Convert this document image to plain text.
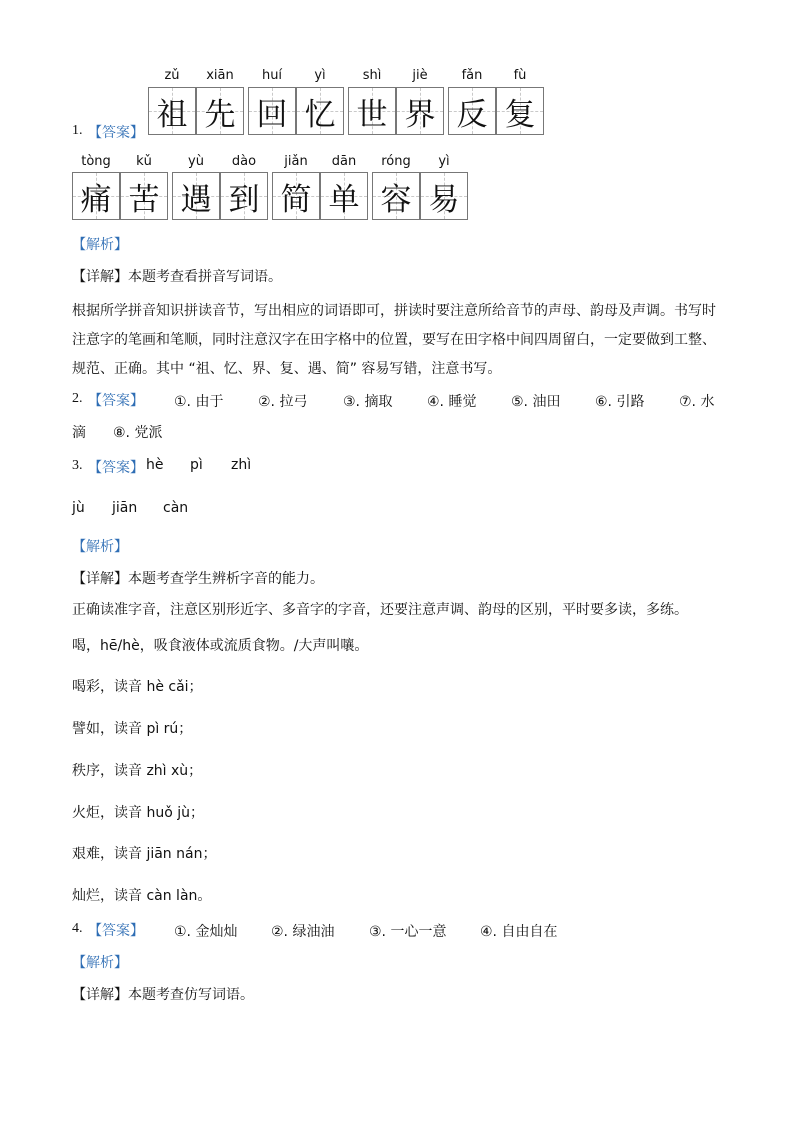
zǔ
祖
xiān
先
huí
回
yì
忆
shì
世
jiè
界
fǎn
反
fù
复
1. 【答案】
tòng
痛
kǔ
苦
yù
遇
dào
到
jiǎn
简
dān
单
róng
容
yì
易
【解析】
【详解】本题考查看拼音写词语。
根据所学拼音知识拼读音节，写出相应的词语即可，拼读时要注意所给音节的声母、韵母及声调。书写时
注意字的笔画和笔顺，同时注意汉字在田字格中的位置，要写在田字格中间四周留白，一定要做到工整、
规范、正确。其中 “祖、忆、界、复、遇、简” 容易写错，注意书写。
2. 【答案】 ①. 由于 ②. 拉弓	③. 摘取 ④. 睡觉 ⑤. 油田 ⑥. 引路 ⑦. 水
滴 ⑧. 党派
3. 【答案】 hè pì zhì
jù jiān càn
【解析】
【详解】本题考查学生辨析字音的能力。
正确读准字音，注意区别形近字、多音字的字音，还要注意声调、韵母的区别，平时要多读，多练。
喝，hē/hè，吸食液体或流质食物。/大声叫嚷。
喝彩，读音 hè cǎi；
譬如，读音 pì rú；
秩序，读音 zhì xù；
火炬，读音 huǒ jù；
艰难，读音 jiān nán；
灿烂，读音 càn làn。
4. 【答案】 ①. 金灿灿 ②. 绿油油 ③. 一心一意 ④. 自由自在
【解析】
【详解】本题考查仿写词语。
